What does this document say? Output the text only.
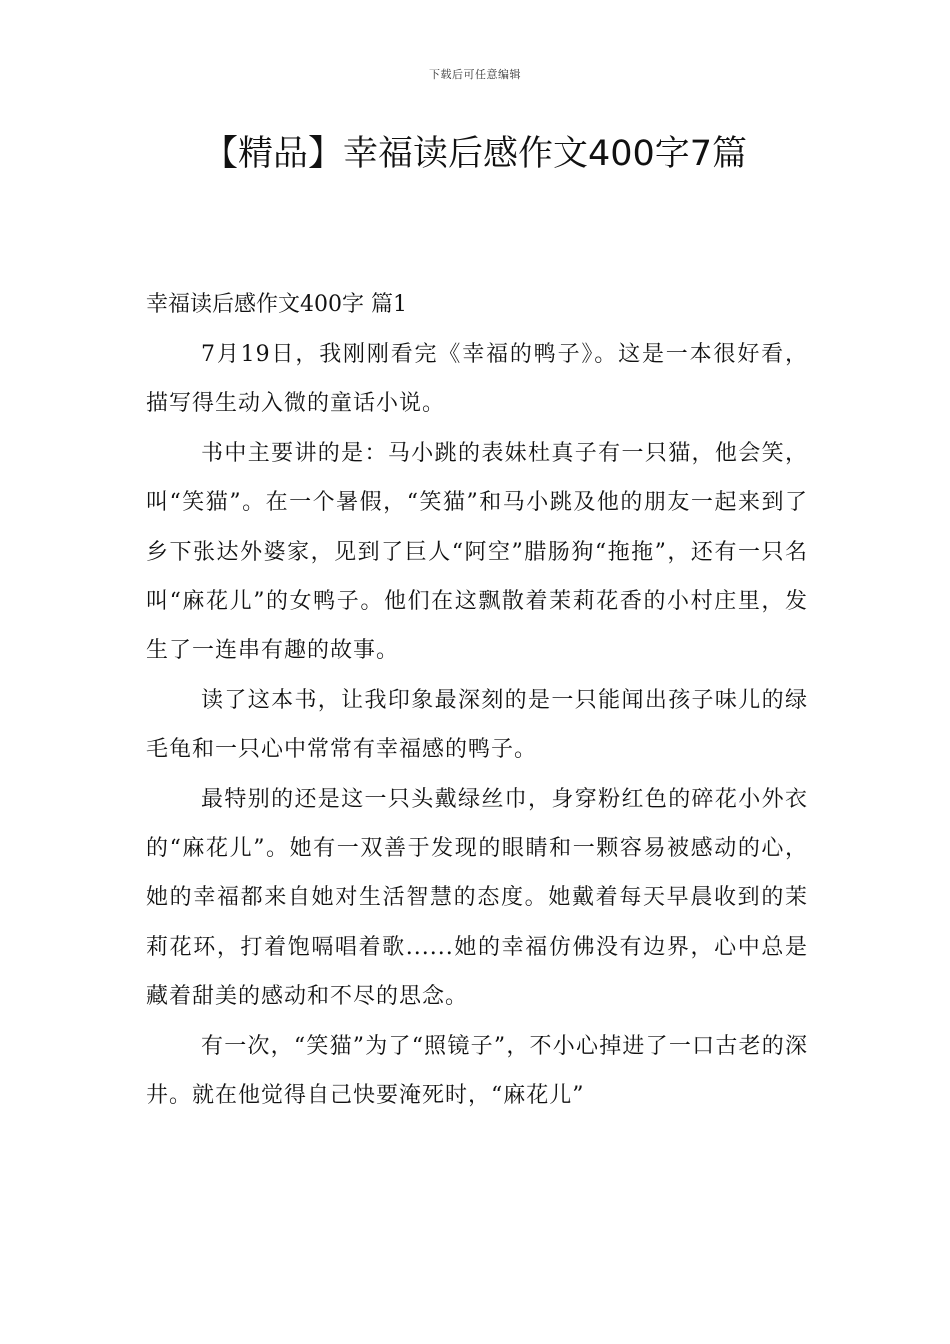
下载后可任意编辑
【精品】幸福读后感作文400字7篇
幸福读后感作文400字 篇1

7月19日，我刚刚看完《幸福的鸭子》。这是一本很好看，描写得生动入微的童话小说。

书中主要讲的是：马小跳的表妹杜真子有一只猫，他会笑，叫“笑猫”。在一个暑假，“笑猫”和马小跳及他的朋友一起来到了乡下张达外婆家，见到了巨人“阿空”腊肠狗“拖拖”，还有一只名叫“麻花儿”的女鸭子。他们在这飘散着茉莉花香的小村庄里，发生了一连串有趣的故事。

读了这本书，让我印象最深刻的是一只能闻出孩子味儿的绿毛龟和一只心中常常有幸福感的鸭子。

最特别的还是这一只头戴绿丝巾，身穿粉红色的碎花小外衣的“麻花儿”。她有一双善于发现的眼睛和一颗容易被感动的心，她的幸福都来自她对生活智慧的态度。她戴着每天早晨收到的茉莉花环，打着饱嗝唱着歌......她的幸福仿佛没有边界，心中总是藏着甜美的感动和不尽的思念。

有一次，“笑猫”为了“照镜子”，不小心掉进了一口古老的深井。就在他觉得自己快要淹死时，“麻花儿”
